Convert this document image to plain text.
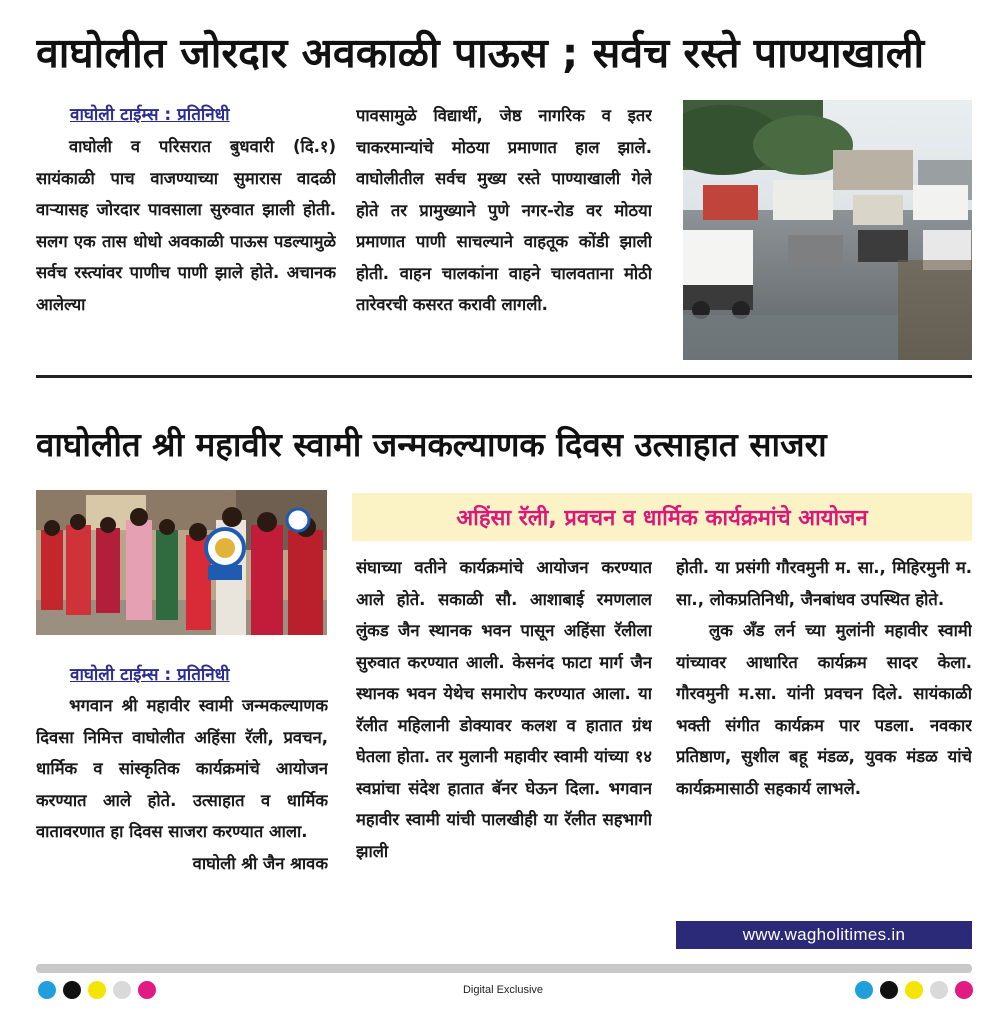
वाघोलीत जोरदार अवकाळी पाऊस ; सर्वच रस्ते पाण्याखाली
वाघोली टाईम्स : प्रतिनिधी

वाघोली व परिसरात बुधवारी (दि.१) सायंकाळी पाच वाजण्याच्या सुमारास वादळी वाऱ्यासह जोरदार पावसाला सुरुवात झाली होती. सलग एक तास धोधो अवकाळी पाऊस पडल्यामुळे सर्वच रस्त्यांवर पाणीच पाणी झाले होते. अचानक आलेल्या

पावसामुळे विद्यार्थी, जेष्ठ नागरिक व इतर चाकरमान्यांचे मोठया प्रमाणात हाल झाले. वाघोलीतील सर्वच मुख्य रस्ते पाण्याखाली गेले होते तर प्रामुख्याने पुणे नगर-रोड वर मोठया प्रमाणात पाणी साचल्याने वाहतूक कोंडी झाली होती. वाहन चालकांना वाहने चालवताना मोठी तारेवरची कसरत करावी लागली.

वाघोलीत श्री महावीर स्वामी जन्मकल्याणक दिवस उत्साहात साजरा
अहिंसा रॅली, प्रवचन व धार्मिक कार्यक्रमांचे आयोजन
वाघोली टाईम्स : प्रतिनिधी

भगवान श्री महावीर स्वामी जन्मकल्याणक दिवसा निमित्त वाघोलीत अहिंसा रॅली, प्रवचन, धार्मिक व सांस्कृतिक कार्यक्रमांचे आयोजन करण्यात आले होते. उत्साहात व धार्मिक वातावरणात हा दिवस साजरा करण्यात आला.

वाघोली श्री जैन श्रावक

संघाच्या वतीने कार्यक्रमांचे आयोजन करण्यात आले होते. सकाळी सौ. आशाबाई रमणलाल लुंकड जैन स्थानक भवन पासून अहिंसा रॅलीला सुरुवात करण्यात आली. केसनंद फाटा मार्ग जैन स्थानक भवन येथेच समारोप करण्यात आला. या रॅलीत महिलानी डोक्यावर कलश व हातात ग्रंथ घेतला होता. तर मुलानी महावीर स्वामी यांच्या १४ स्वप्नांचा संदेश हातात बॅनर घेऊन दिला. भगवान महावीर स्वामी यांची पालखीही या रॅलीत सहभागी झाली

होती. या प्रसंगी गौरवमुनी म. सा., मिहिरमुनी म. सा., लोकप्रतिनिधी, जैनबांधव उपस्थित होते.

लुक अँड लर्न च्या मुलांनी महावीर स्वामी यांच्यावर आधारित कार्यक्रम सादर केला. गौरवमुनी म.सा. यांनी प्रवचन दिले. सायंकाळी भक्ती संगीत कार्यक्रम पार पडला. नवकार प्रतिष्ठाण, सुशील बहू मंडळ, युवक मंडळ यांचे कार्यक्रमासाठी सहकार्य लाभले.

www.wagholitimes.in
Digital Exclusive
